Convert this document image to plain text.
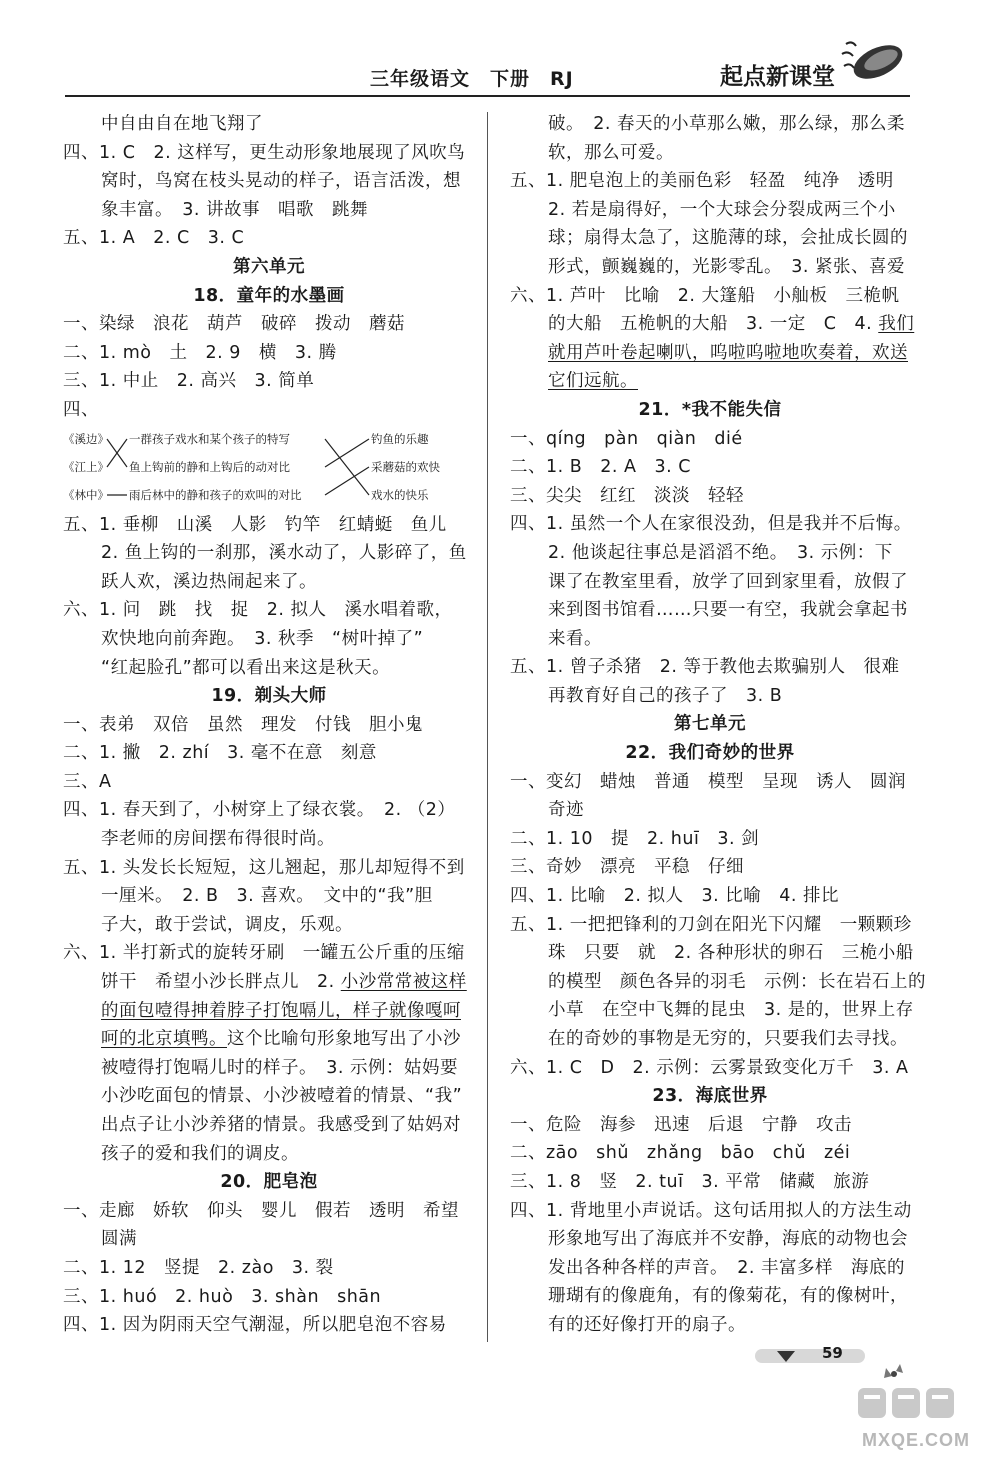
三年级语文　下册　RJ	起点新课堂
中自由自在地飞翔了
四、1. C　2. 这样写，更生动形象地展现了风吹鸟
窝时，鸟窝在枝头晃动的样子，语言活泼，想
象丰富。　3. 讲故事　唱歌　跳舞
五、1. A　2. C　3. C
第六单元
18．童年的水墨画
一、染绿　浪花　葫芦　破碎　拨动　蘑菇
二、1. mò　土　2. 9　横　3. 腾
三、1. 中止　2. 高兴　3. 简单
四、
《溪边》
《江上》
《林中》
一群孩子戏水和某个孩子的特写
鱼上钩前的静和上钩后的动对比
雨后林中的静和孩子的欢叫的对比
钓鱼的乐趣
采蘑菇的欢快
戏水的快乐
五、1. 垂柳　山溪　人影　钓竿　红蜻蜓　鱼儿
2. 鱼上钩的一刹那，溪水动了，人影碎了，鱼
跃人欢，溪边热闹起来了。
六、1. 问　跳　找　捉　2. 拟人　溪水唱着歌，
欢快地向前奔跑。　3. 秋季　“树叶掉了”
“红起脸孔”都可以看出来这是秋天。
19．剃头大师
一、表弟　双倍　虽然　理发　付钱　胆小鬼
二、1. 撇　2. zhí　3. 毫不在意　刻意
三、A
四、1. 春天到了，小树穿上了绿衣裳。　2. （2）
李老师的房间摆布得很时尚。
五、1. 头发长长短短，这儿翘起，那儿却短得不到
一厘米。　2. B　3. 喜欢。　文中的“我”胆
子大，敢于尝试，调皮，乐观。
六、1. 半打新式的旋转牙刷　一罐五公斤重的压缩
饼干　希望小沙长胖点儿　2. 小沙常常被这样
的面包噎得抻着脖子打饱嗝儿，样子就像嘎呵
呵的北京填鸭。这个比喻句形象地写出了小沙
被噎得打饱嗝儿时的样子。　3. 示例：姑妈要
小沙吃面包的情景、小沙被噎着的情景、“我”
出点子让小沙养猪的情景。我感受到了姑妈对
孩子的爱和我们的调皮。
20．肥皂泡
一、走廊　娇软　仰头　婴儿　假若　透明　希望
圆满
二、1. 12　竖提　2. zào　3. 裂
三、1. huó　2. huò　3. shàn　shān
四、1. 因为阴雨天空气潮湿，所以肥皂泡不容易
破。　2. 春天的小草那么嫩，那么绿，那么柔
软，那么可爱。
五、1. 肥皂泡上的美丽色彩　轻盈　纯净　透明
2. 若是扇得好，一个大球会分裂成两三个小
球；扇得太急了，这脆薄的球，会扯成长圆的
形式，颤巍巍的，光影零乱。　3. 紧张、喜爱
六、1. 芦叶　比喻　2. 大篷船　小舢板　三桅帆
的大船　五桅帆的大船　3. 一定　C　4. 我们
就用芦叶卷起喇叭，呜啦呜啦地吹奏着，欢送
它们远航。
21．*我不能失信
一、qíng　pàn　qiàn　dié
二、1. B　2. A　3. C
三、尖尖　红红　淡淡　轻轻
四、1. 虽然一个人在家很没劲，但是我并不后悔。
2. 他谈起往事总是滔滔不绝。　3. 示例：下
课了在教室里看，放学了回到家里看，放假了
来到图书馆看……只要一有空，我就会拿起书
来看。
五、1. 曾子杀猪　2. 等于教他去欺骗别人　很难
再教育好自己的孩子了　3. B
第七单元
22．我们奇妙的世界
一、变幻　蜡烛　普通　模型　呈现　诱人　圆润
奇迹
二、1. 10　提　2. huī　3. 剑
三、奇妙　漂亮　平稳　仔细
四、1. 比喻　2. 拟人　3. 比喻　4. 排比
五、1. 一把把锋利的刀剑在阳光下闪耀　一颗颗珍
珠　只要　就　2. 各种形状的卵石　三桅小船
的模型　颜色各异的羽毛　示例：长在岩石上的
小草　在空中飞舞的昆虫　3. 是的，世界上存
在的奇妙的事物是无穷的，只要我们去寻找。
六、1. C　D　2. 示例：云雾景致变化万千　3. A
23．海底世界
一、危险　海参　迅速　后退　宁静　攻击
二、zāo　shǔ　zhǎng　bāo　chǔ　zéi
三、1. 8　竖　2. tuī　3. 平常　储藏　旅游
四、1. 背地里小声说话。这句话用拟人的方法生动
形象地写出了海底并不安静，海底的动物也会
发出各种各样的声音。　2. 丰富多样　海底的
珊瑚有的像鹿角，有的像菊花，有的像树叶，
有的还好像打开的扇子。
59
MXQE.COM
